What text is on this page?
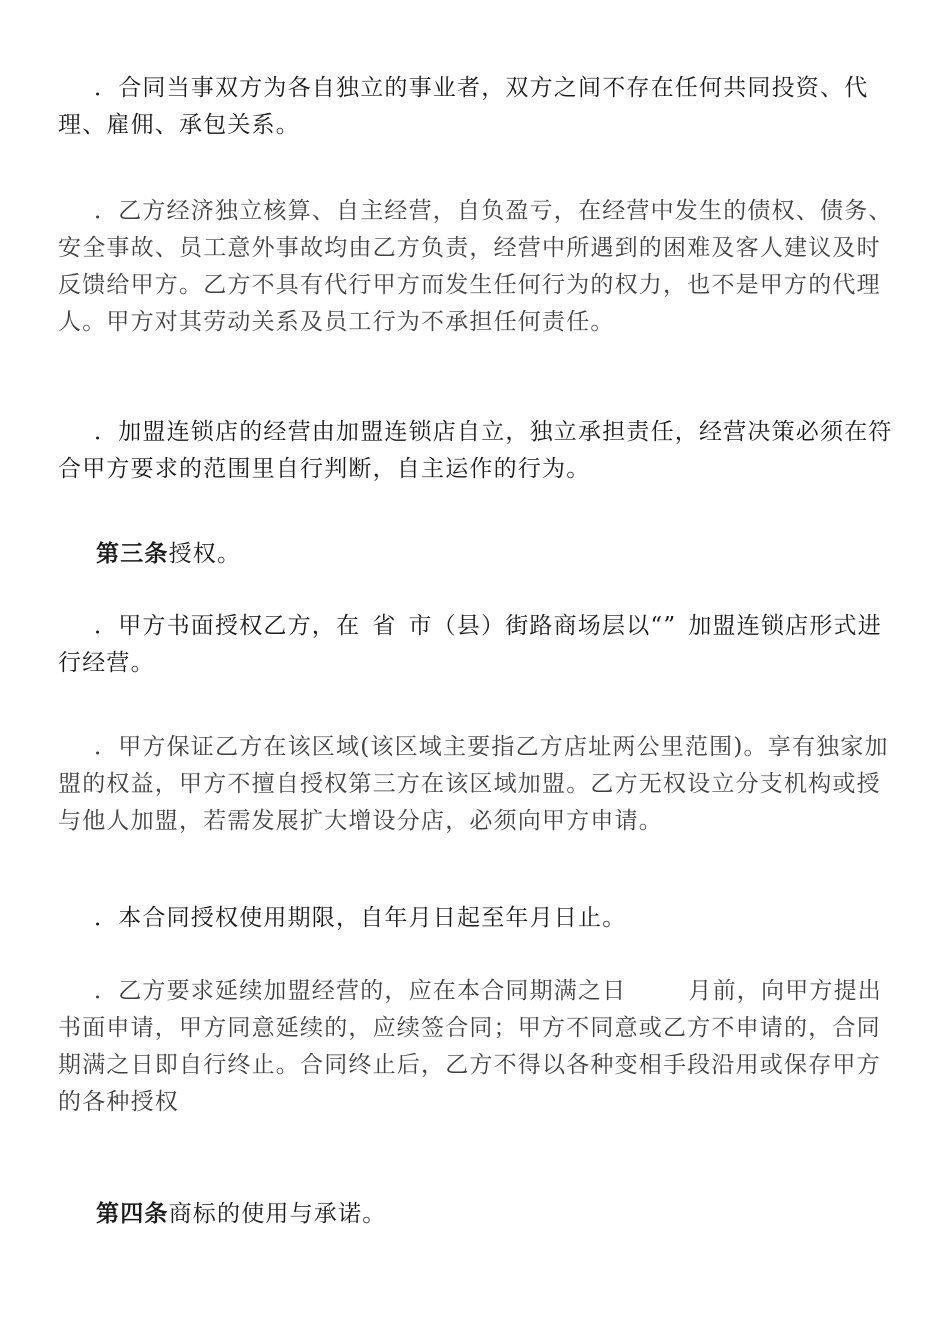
．合同当事双方为各自独立的事业者，双方之间不存在任何共同投资、代理、雇佣、承包关系。

．乙方经济独立核算、自主经营，自负盈亏，在经营中发生的债权、债务、安全事故、员工意外事故均由乙方负责，经营中所遇到的困难及客人建议及时反馈给甲方。乙方不具有代行甲方而发生任何行为的权力，也不是甲方的代理人。甲方对其劳动关系及员工行为不承担任何责任。

．加盟连锁店的经营由加盟连锁店自立，独立承担责任，经营决策必须在符合甲方要求的范围里自行判断，自主运作的行为。

第三条授权。

．甲方书面授权乙方，在 省 市（县）街路商场层以“” 加盟连锁店形式进行经营。

．甲方保证乙方在该区域(该区域主要指乙方店址两公里范围)。享有独家加盟的权益，甲方不擅自授权第三方在该区域加盟。乙方无权设立分支机构或授与他人加盟，若需发展扩大增设分店，必须向甲方申请。

．本合同授权使用期限，自年月日起至年月日止。

．乙方要求延续加盟经营的，应在本合同期满之日	月前，向甲方提出书面申请，甲方同意延续的，应续签合同；甲方不同意或乙方不申请的，合同期满之日即自行终止。合同终止后，乙方不得以各种变相手段沿用或保存甲方的各种授权

第四条商标的使用与承诺。
